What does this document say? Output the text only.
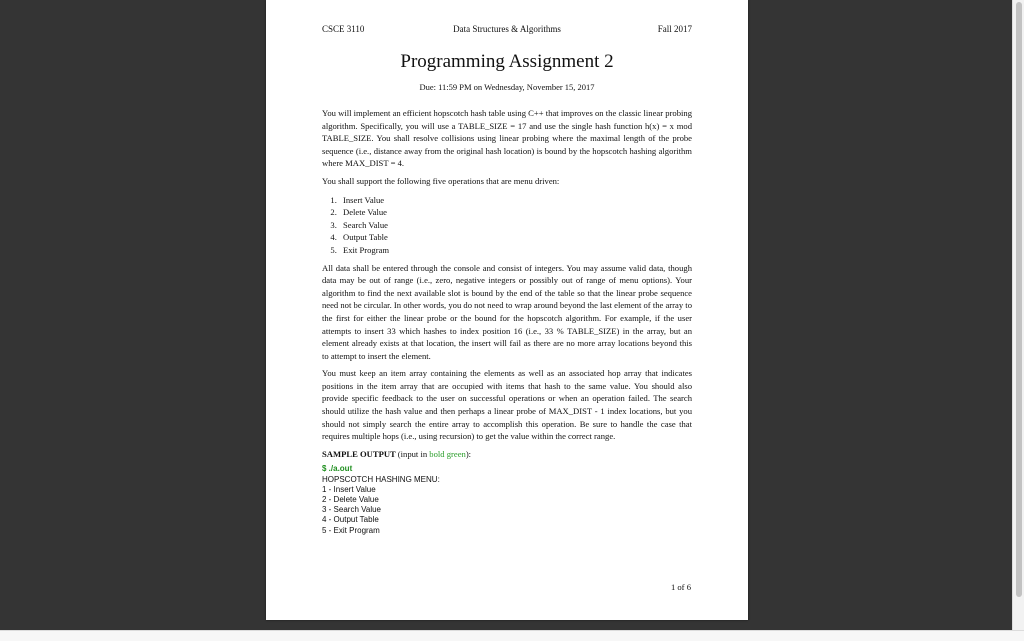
CSCE 3110	Data Structures & Algorithms	Fall 2017
Programming Assignment 2
Due: 11:59 PM on Wednesday, November 15, 2017

You will implement an efficient hopscotch hash table using C++ that improves on the classic linear probing algorithm. Specifically, you will use a TABLE_SIZE = 17 and use the single hash function h(x) = x mod TABLE_SIZE. You shall resolve collisions using linear probing where the maximal length of the probe sequence (i.e., distance away from the original hash location) is bound by the hopscotch hashing algorithm where MAX_DIST = 4.

You shall support the following five operations that are menu driven:

1. Insert Value
2. Delete Value
3. Search Value
4. Output Table
5. Exit Program

All data shall be entered through the console and consist of integers. You may assume valid data, though data may be out of range (i.e., zero, negative integers or possibly out of range of menu options). Your algorithm to find the next available slot is bound by the end of the table so that the linear probe sequence need not be circular. In other words, you do not need to wrap around beyond the last element of the array to the first for either the linear probe or the bound for the hopscotch algorithm. For example, if the user attempts to insert 33 which hashes to index position 16 (i.e., 33 % TABLE_SIZE) in the array, but an element already exists at that location, the insert will fail as there are no more array locations beyond this to attempt to insert the element.

You must keep an item array containing the elements as well as an associated hop array that indicates positions in the item array that are occupied with items that hash to the same value. You should also provide specific feedback to the user on successful operations or when an operation failed. The search should utilize the hash value and then perhaps a linear probe of MAX_DIST - 1 index locations, but you should not simply search the entire array to accomplish this operation. Be sure to handle the case that requires multiple hops (i.e., using recursion) to get the value within the correct range.

SAMPLE OUTPUT (input in bold green):

$ ./a.out
HOPSCOTCH HASHING MENU:
1 - Insert Value
2 - Delete Value
3 - Search Value
4 - Output Table
5 - Exit Program
1 of 6
